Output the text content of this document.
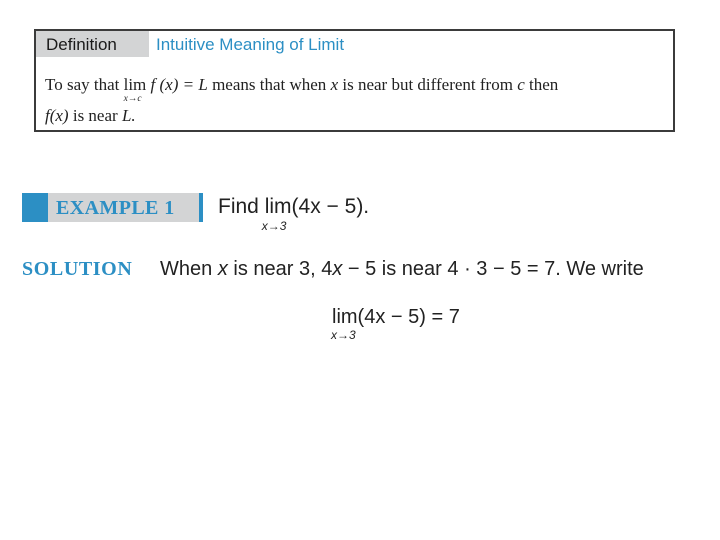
Definition	Intuitive Meaning of Limit
To say that lim
x→c
f (x) = L means that when x is near but different from c then
f(x) is near L.
EXAMPLE 1	Find lim
x→3
(4x − 5).
SOLUTION When x is near 3, 4x − 5 is near 4 · 3 − 5 = 7. We write
lim
x→3
(4x − 5) = 7
